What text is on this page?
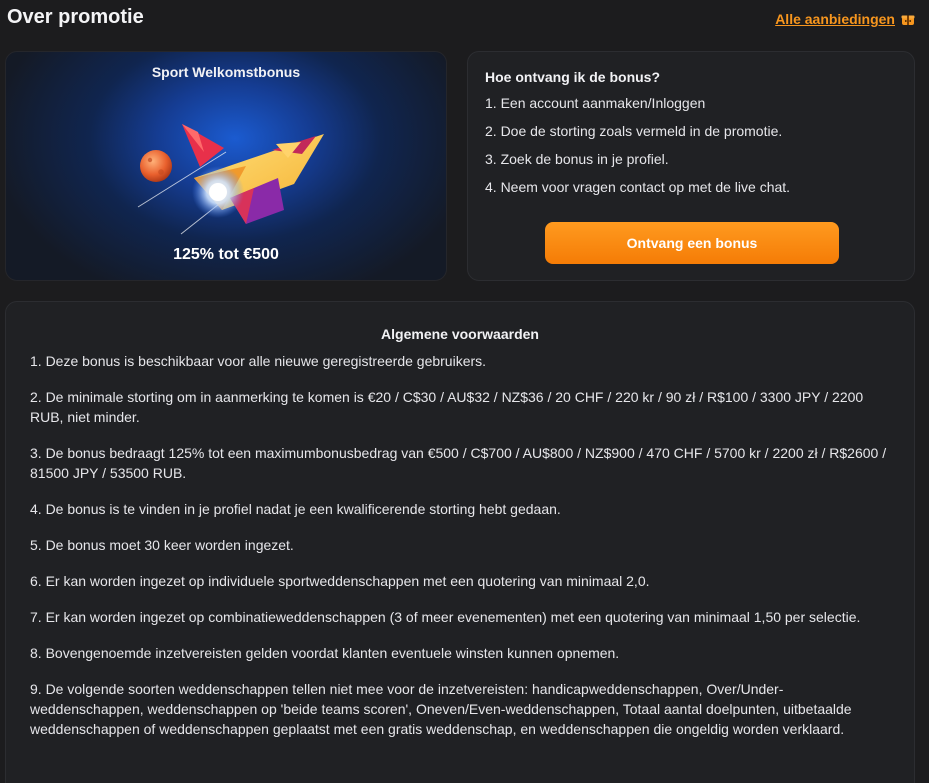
Over promotie	Alle aanbiedingen
Sport Welkomstbonus
125% tot €500
Hoe ontvang ik de bonus?
1. Een account aanmaken/Inloggen
2. Doe de storting zoals vermeld in de promotie.
3. Zoek de bonus in je profiel.
4. Neem voor vragen contact op met de live chat.
Ontvang een bonus
Algemene voorwaarden
1. Deze bonus is beschikbaar voor alle nieuwe geregistreerde gebruikers.
2. De minimale storting om in aanmerking te komen is €20 / C$30 / AU$32 / NZ$36 / 20 CHF / 220 kr / 90 zł / R$100 / 3300 JPY / 2200 RUB, niet minder.
3. De bonus bedraagt 125% tot een maximumbonusbedrag van €500 / C$700 / AU$800 / NZ$900 / 470 CHF / 5700 kr / 2200 zł / R$2600 / 81500 JPY / 53500 RUB.
4. De bonus is te vinden in je profiel nadat je een kwalificerende storting hebt gedaan.
5. De bonus moet 30 keer worden ingezet.
6. Er kan worden ingezet op individuele sportweddenschappen met een quotering van minimaal 2,0.
7. Er kan worden ingezet op combinatieweddenschappen (3 of meer evenementen) met een quotering van minimaal 1,50 per selectie.
8. Bovengenoemde inzetvereisten gelden voordat klanten eventuele winsten kunnen opnemen.
9. De volgende soorten weddenschappen tellen niet mee voor de inzetvereisten: handicapweddenschappen, Over/Under-weddenschappen, weddenschappen op 'beide teams scoren', Oneven/Even-weddenschappen, Totaal aantal doelpunten, uitbetaalde weddenschappen of weddenschappen geplaatst met een gratis weddenschap, en weddenschappen die ongeldig worden verklaard.
